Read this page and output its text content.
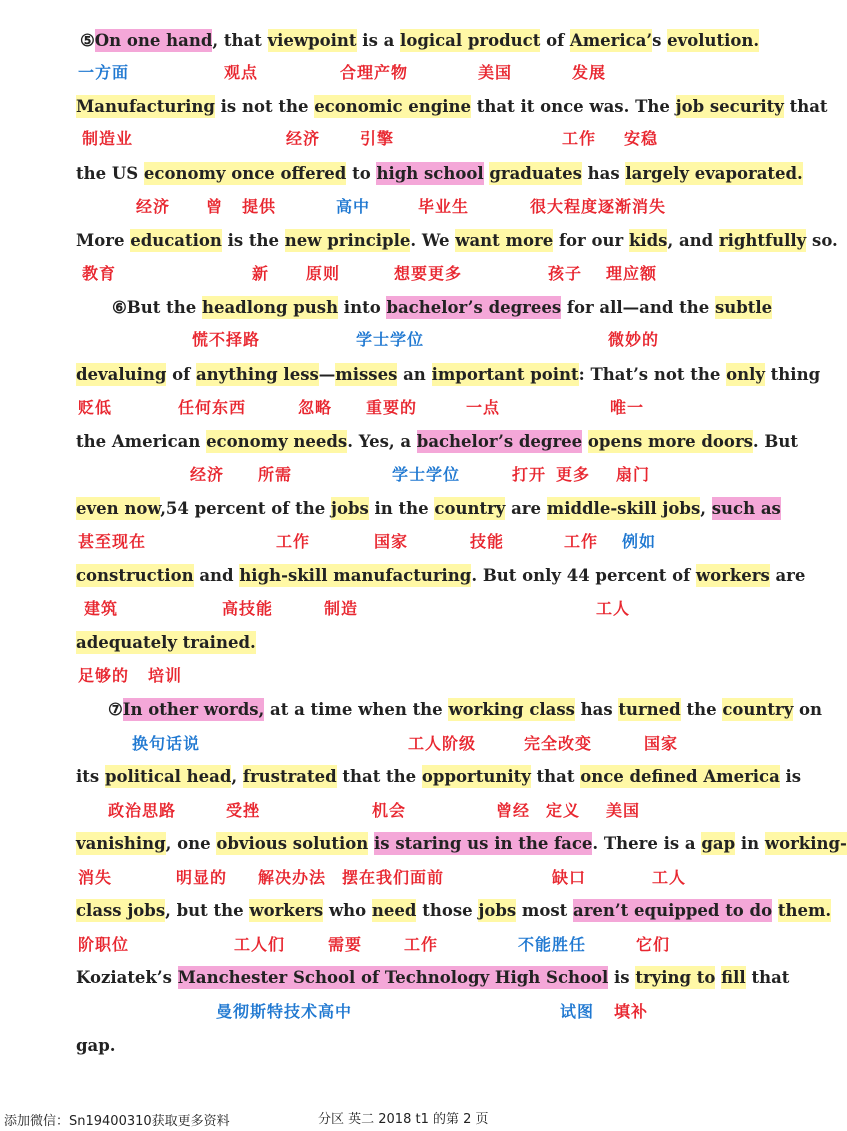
⑤On one hand, that viewpoint is a logical product of America’s evolution.
Manufacturing is not the economic engine that it once was. The job security that
the US economy once offered to high school graduates has largely evaporated.
More education is the new principle. We want more for our kids, and rightfully so.
⑥But the headlong push into bachelor’s degrees for all—and the subtle
devaluing of anything less—misses an important point: That’s not the only thing
the American economy needs. Yes, a bachelor’s degree opens more doors. But
even now,54 percent of the jobs in the country are middle-skill jobs, such as
construction and high-skill manufacturing. But only 44 percent of workers are
adequately trained.
⑦In other words, at a time when the working class has turned the country on
its political head, frustrated that the opportunity that once defined America is
vanishing, one obvious solution is staring us in the face. There is a gap in working-
class jobs, but the workers who need those jobs most aren’t equipped to do them.
Koziatek’s Manchester School of Technology High School is trying to fill that
gap.
一方面	观点	合理产物	美国	发展
制造业	经济 引擎	工作 安稳
经济 曾 提供	高中	毕业生	很大程度逐渐消失
教育	新 原则	想要更多	孩子 理应额
慌不择路	学士学位	微妙的
贬低	任何东西	忽略 重要的	一点	唯一
经济 所需	学士学位	打开 更多 扇门
甚至现在	工作	国家	技能	工作 例如
建筑	高技能	制造	工人
足够的 培训
换句话说	工人阶级	完全改变	国家
政治思路	受挫	机会	曾经 定义 美国
消失	明显的 解决办法 摆在我们面前	缺口	工人
阶职位	工人们	需要	工作	不能胜任	它们
曼彻斯特技术高中	试图 填补
添加微信：Sn19400310获取更多资料	分区 英二 2018 t1 的第 2 页
